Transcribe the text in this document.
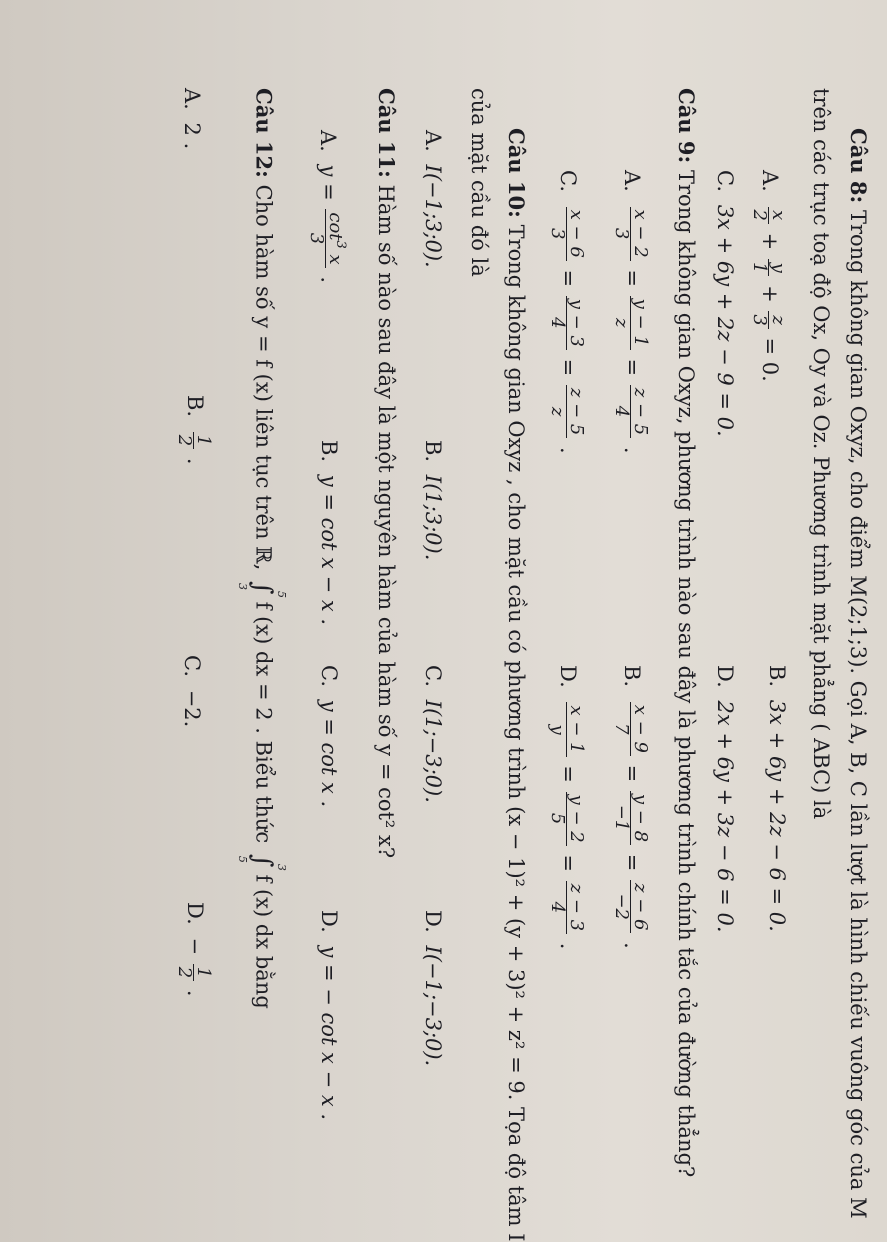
Câu 8: Trong không gian Oxyz, cho điểm M(2;1;3). Gọi A, B, C lần lượt là hình chiếu vuông góc của M
trên các trục toạ độ Ox, Oy và Oz. Phương trình mặt phẳng ( ABC) là
A.
x
2
+
y
1
+
z
3
= 0.
B. 3x + 6y + 2z − 6 = 0.
C. 3x + 6y + 2z − 9 = 0.
D. 2x + 6y + 3z − 6 = 0.
Câu 9: Trong không gian Oxyz, phương trình nào sau đây là phương trình chính tắc của đường thẳng?
A.
x − 2
3
=
y − 1
z
=
z − 5
4
.
B.
x − 9
7
=
y − 8
−1
=
z − 6
−2
.
C.
x − 6
3
=
y − 3
4
=
z − 5
z
.
D.
x − 1
y
=
y − 2
5
=
z − 3
4
.
Câu 10: Trong không gian Oxyz , cho mặt cầu có phương trình (x − 1)² + (y + 3)² + z² = 9. Tọa độ tâm I
của mặt cầu đó là
A. I(−1;3;0).
B. I(1;3;0).
C. I(1;−3;0).
D. I(−1;−3;0).
Câu 11: Hàm số nào sau đây là một nguyên hàm của hàm số y = cot² x?
A. y =
$\cot^3 x$
3
.
B. y = cot x − x .
C. y = cot x .
D. y = − cot x − x .
Câu 12: Cho hàm số y = f (x) liên tục trên ℝ, ∫
5
3
f (x) dx = 2 . Biểu thức ∫
3
5
f (x) dx bằng
A. 2 .
B.
1
2
.
C. −2.
D. −
1
2
.
